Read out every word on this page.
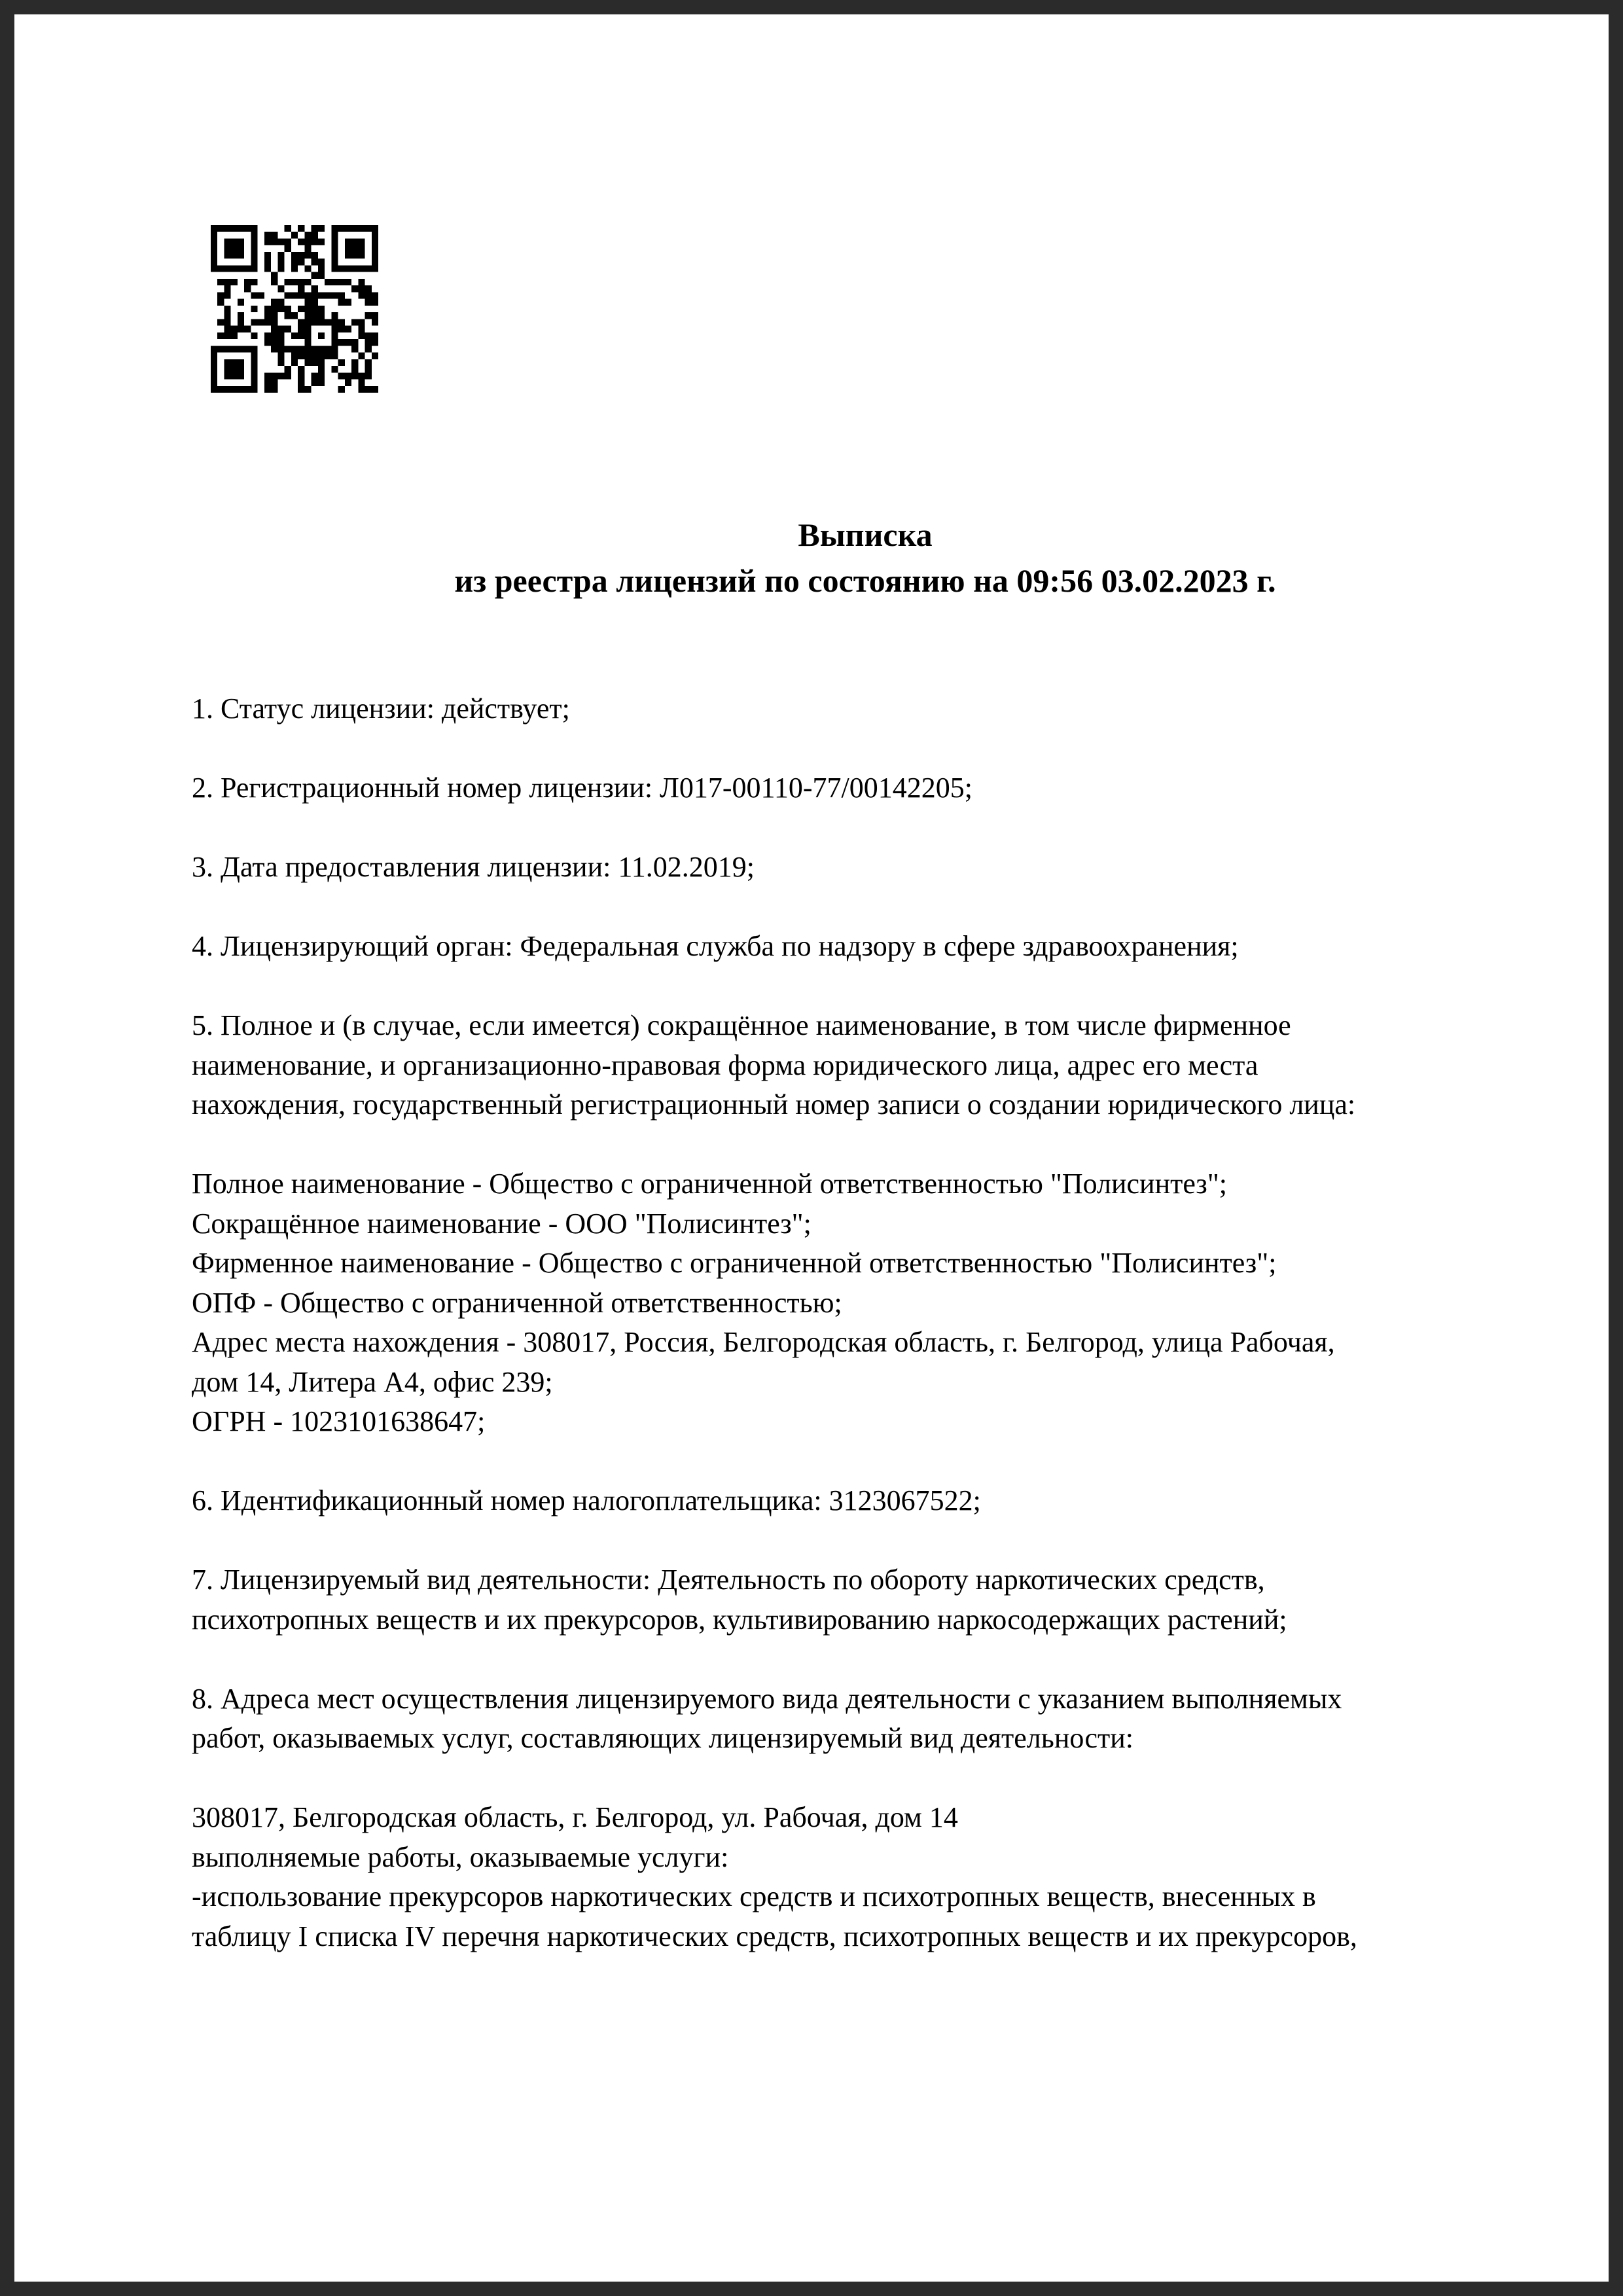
Выписка
из реестра лицензий по состоянию на 09:56 03.02.2023 г.
1. Статус лицензии: действует;
2. Регистрационный номер лицензии: Л017-00110-77/00142205;
3. Дата предоставления лицензии: 11.02.2019;
4. Лицензирующий орган: Федеральная служба по надзору в сфере здравоохранения;
5. Полное и (в случае, если имеется) сокращённое наименование, в том числе фирменное
наименование, и организационно-правовая форма юридического лица, адрес его места
нахождения, государственный регистрационный номер записи о создании юридического лица:
Полное наименование - Общество с ограниченной ответственностью "Полисинтез";
Сокращённое наименование - ООО "Полисинтез";
Фирменное наименование - Общество с ограниченной ответственностью "Полисинтез";
ОПФ - Общество с ограниченной ответственностью;
Адрес места нахождения - 308017, Россия, Белгородская область, г. Белгород, улица Рабочая,
дом 14, Литера А4, офис 239;
ОГРН - 1023101638647;
6. Идентификационный номер налогоплательщика: 3123067522;
7. Лицензируемый вид деятельности: Деятельность по обороту наркотических средств,
психотропных веществ и их прекурсоров, культивированию наркосодержащих растений;
8. Адреса мест осуществления лицензируемого вида деятельности с указанием выполняемых
работ, оказываемых услуг, составляющих лицензируемый вид деятельности:
308017, Белгородская область, г. Белгород, ул. Рабочая, дом 14
выполняемые работы, оказываемые услуги:
-использование прекурсоров наркотических средств и психотропных веществ, внесенных в
таблицу I списка IV перечня наркотических средств, психотропных веществ и их прекурсоров,
